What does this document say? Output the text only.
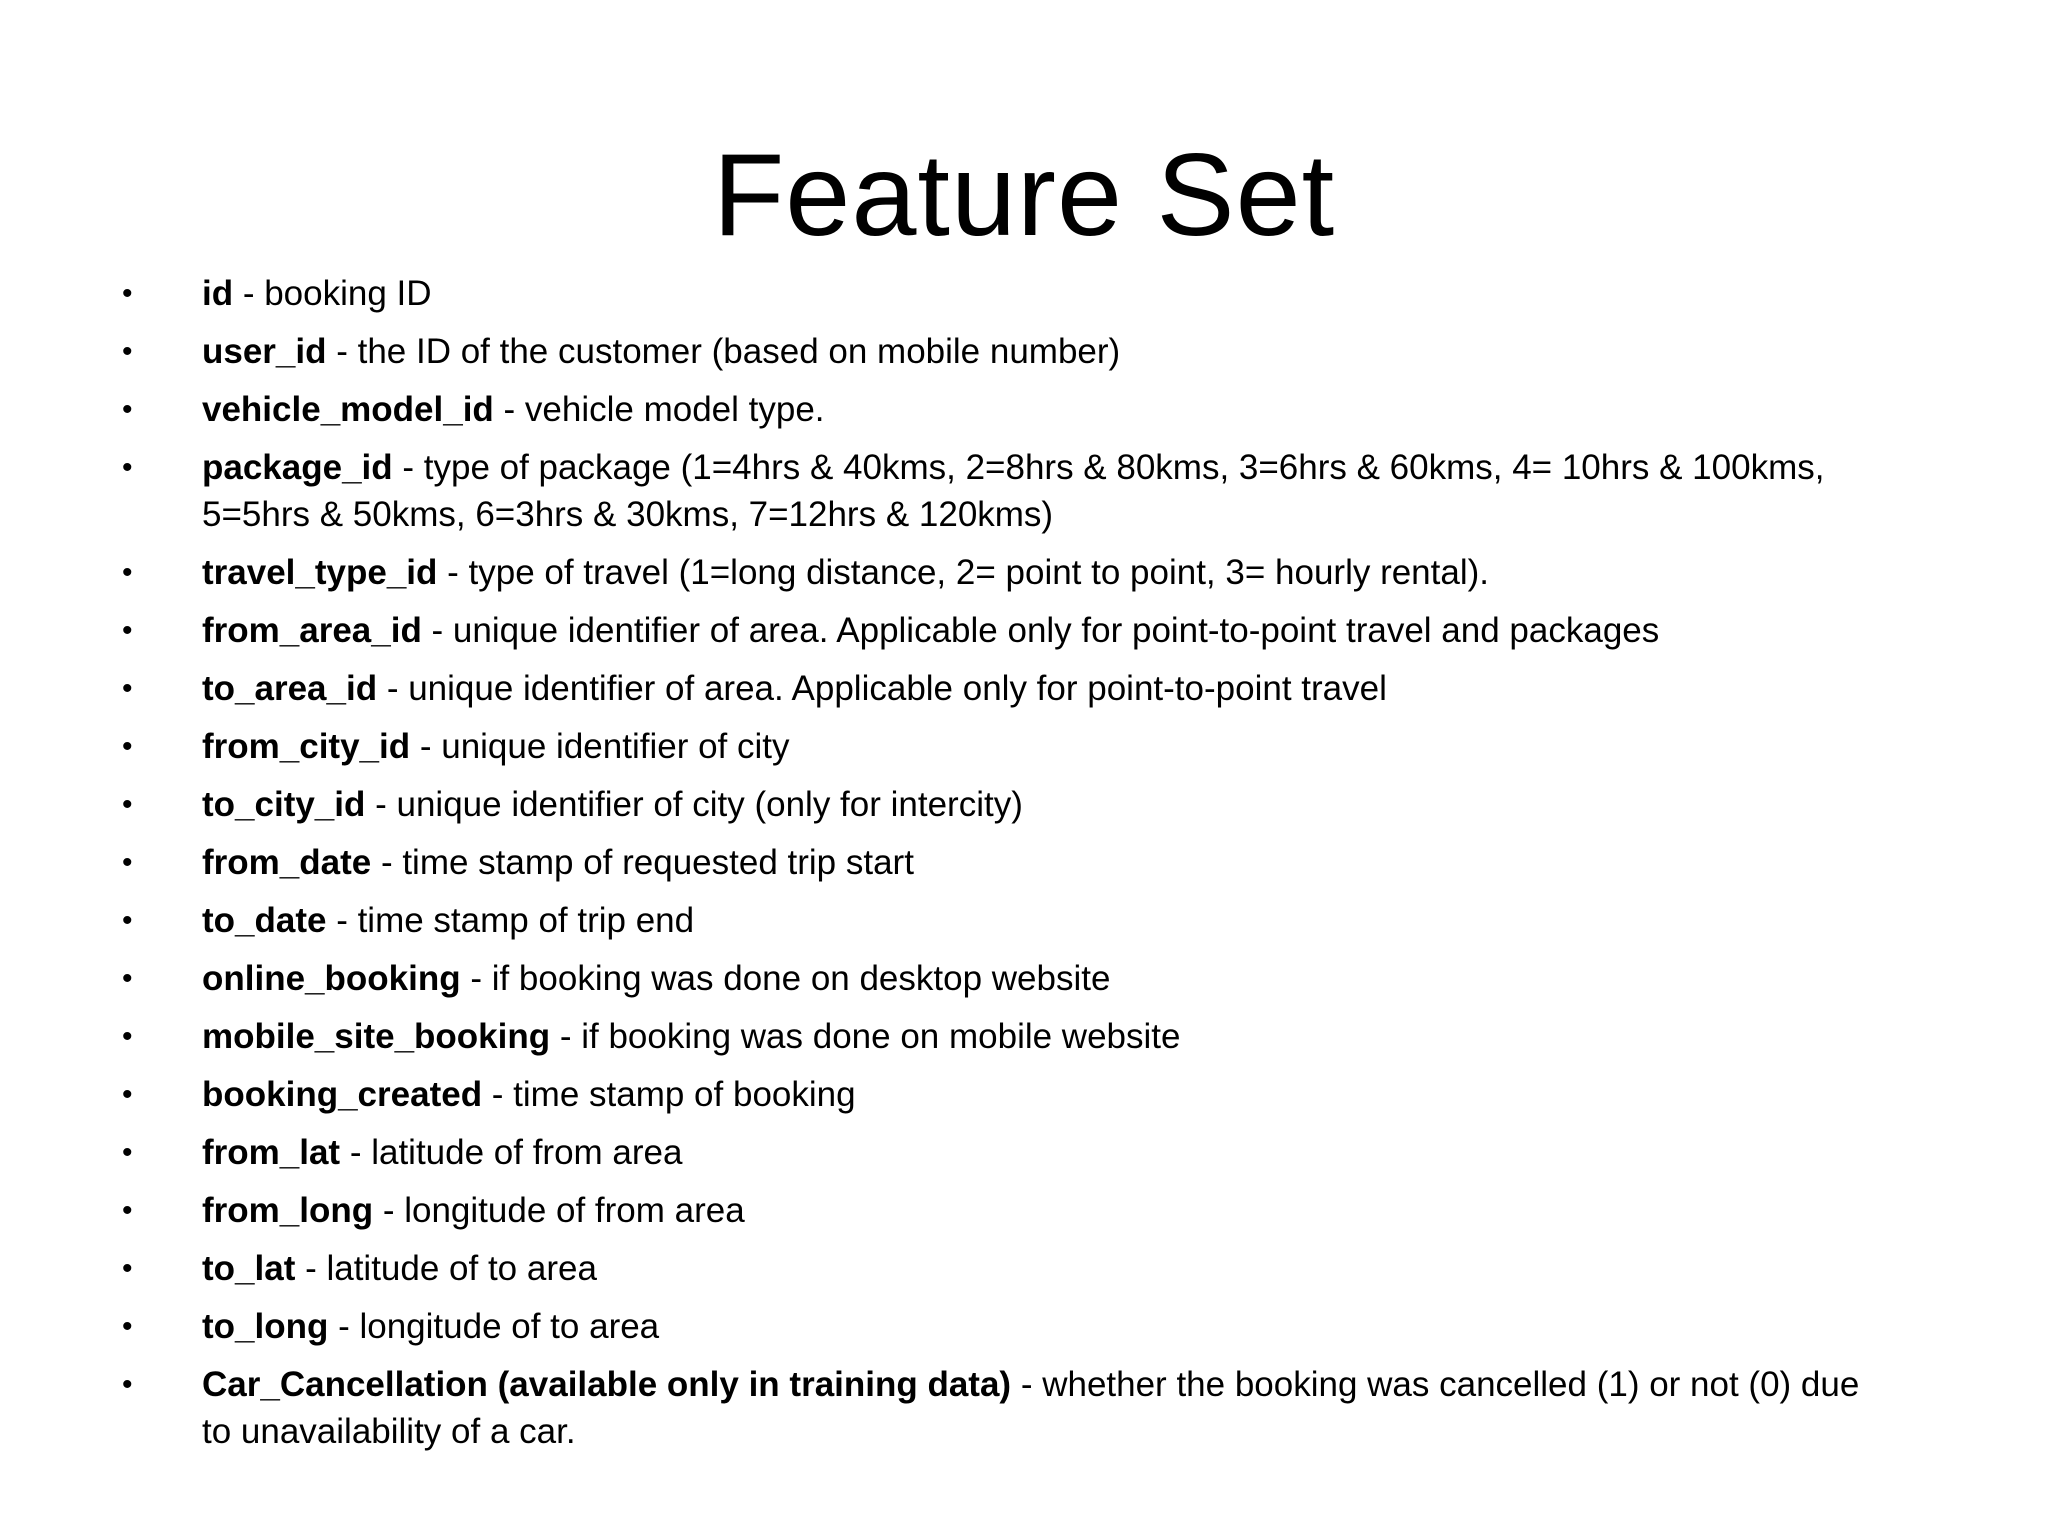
Feature Set
• id - booking ID
• user_id - the ID of the customer (based on mobile number)
• vehicle_model_id - vehicle model type.
• package_id - type of package (1=4hrs & 40kms, 2=8hrs & 80kms, 3=6hrs & 60kms, 4= 10hrs & 100kms, 5=5hrs & 50kms, 6=3hrs & 30kms, 7=12hrs & 120kms)
• travel_type_id - type of travel (1=long distance, 2= point to point, 3= hourly rental).
• from_area_id - unique identifier of area. Applicable only for point-to-point travel and packages
• to_area_id - unique identifier of area. Applicable only for point-to-point travel
• from_city_id - unique identifier of city
• to_city_id - unique identifier of city (only for intercity)
• from_date - time stamp of requested trip start
• to_date - time stamp of trip end
• online_booking - if booking was done on desktop website
• mobile_site_booking - if booking was done on mobile website
• booking_created - time stamp of booking
• from_lat - latitude of from area
• from_long - longitude of from area
• to_lat - latitude of to area
• to_long - longitude of to area
• Car_Cancellation (available only in training data) - whether the booking was cancelled (1) or not (0) due to unavailability of a car.
